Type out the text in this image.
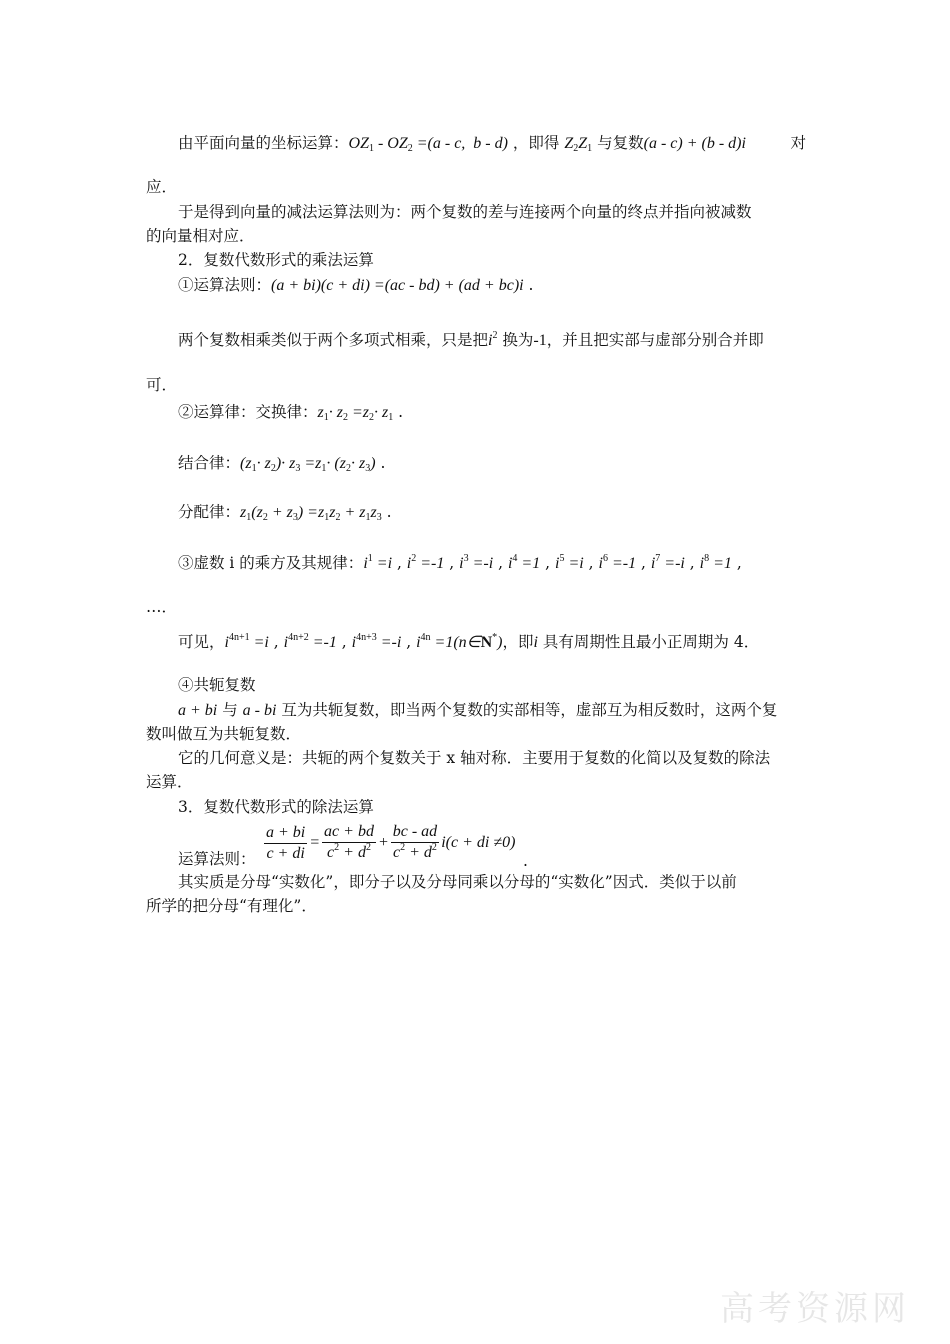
由平面向量的坐标运算：OZ1 - OZ2 =(a - c,  b - d) ，即得 Z2Z1 与复数(a - c) + (b - d)i	对
应．
于是得到向量的减法运算法则为：两个复数的差与连接两个向量的终点并指向被减数
的向量相对应．
2．复数代数形式的乘法运算
①运算法则：(a + bi)(c + di) =(ac - bd) + (ad + bc)i .
两个复数相乘类似于两个多项式相乘，只是把$i^2$ 换为-1，并且把实部与虚部分别合并即
可．
②运算律：交换律：z1· z2 =z2· z1 .
结合律：(z1· z2)· z3 =z1· (z2· z3) .
分配律：z1(z2 + z3) =z1z2 + z1z3 .
③虚数 i 的乘方及其规律：$i^1 =i$ , $i^2 =-1$ , $i^3 =-i$ , $i^4 =1$ , $i^5 =i$ , $i^6 =-1$ , $i^7 =-i$ , $i^8 =1$ ,
…．
可见，$i^{4n+1} =i$ , $i^{4n+2} =-1$ , $i^{4n+3} =-i$ , $i^{4n}$ =1(n∈N*)，即i 具有周期性且最小正周期为 4．
④共轭复数
a + bi 与 a - bi 互为共轭复数，即当两个复数的实部相等，虚部互为相反数时，这两个复
数叫做互为共轭复数．
它的几何意义是：共轭的两个复数关于 x 轴对称．主要用于复数的化简以及复数的除法
运算．
3．复数代数形式的除法运算
运算法则： $\frac{a + bi}{c + di} = \frac{ac + bd}{c^2 + d^2} + \frac{bc - ad}{c^2 + d^2} i(c$ + di ≠0)
.
其实质是分母“实数化”，即分子以及分母同乘以分母的“实数化”因式．类似于以前
所学的把分母“有理化”．
高考资源网
